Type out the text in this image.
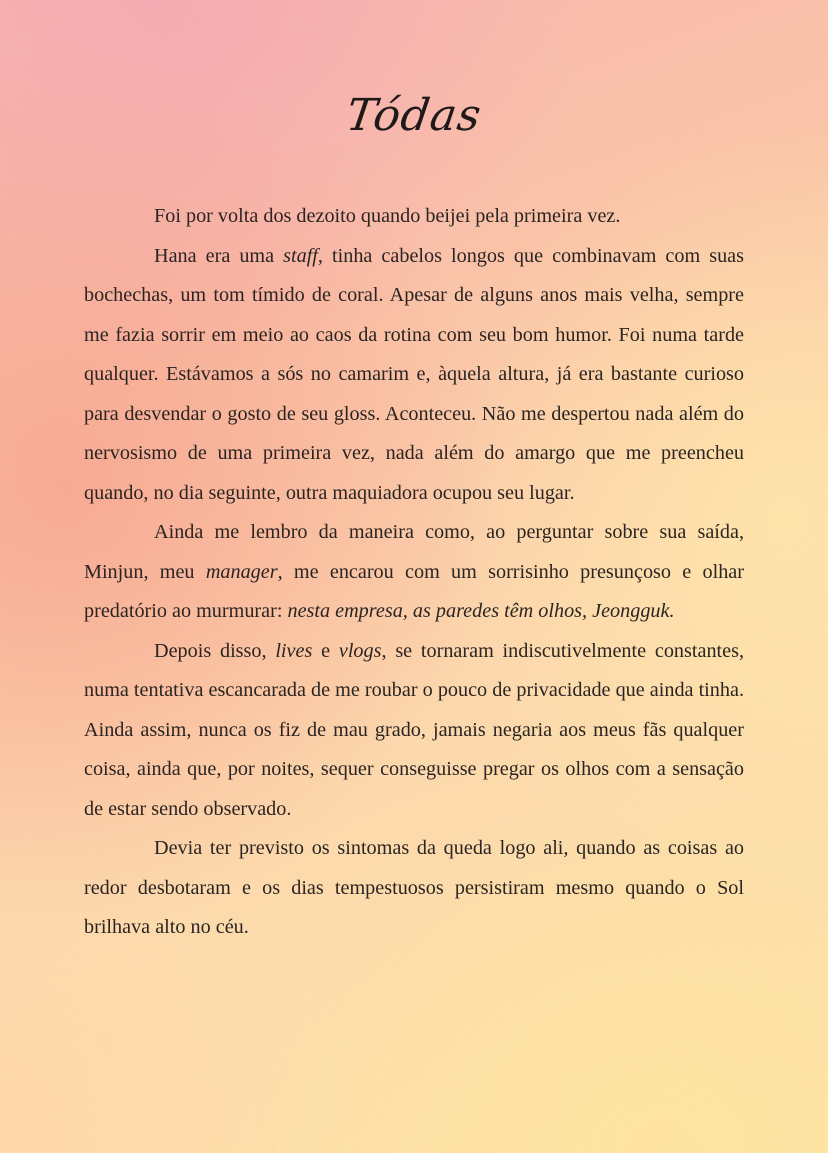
Tódas

Foi por volta dos dezoito quando beijei pela primeira vez.

Hana era uma staff, tinha cabelos longos que combinavam com suas bochechas, um tom tímido de coral. Apesar de alguns anos mais velha, sempre me fazia sorrir em meio ao caos da rotina com seu bom humor. Foi numa tarde qualquer. Estávamos a sós no camarim e, àquela altura, já era bastante curioso para desvendar o gosto de seu gloss. Aconteceu. Não me despertou nada além do nervosismo de uma primeira vez, nada além do amargo que me preencheu quando, no dia seguinte, outra maquiadora ocupou seu lugar.

Ainda me lembro da maneira como, ao perguntar sobre sua saída, Minjun, meu manager, me encarou com um sorrisinho presunçoso e olhar predatório ao murmurar: nesta empresa, as paredes têm olhos, Jeongguk.

Depois disso, lives e vlogs, se tornaram indiscutivelmente constantes, numa tentativa escancarada de me roubar o pouco de privacidade que ainda tinha. Ainda assim, nunca os fiz de mau grado, jamais negaria aos meus fãs qualquer coisa, ainda que, por noites, sequer conseguisse pregar os olhos com a sensação de estar sendo observado.

Devia ter previsto os sintomas da queda logo ali, quando as coisas ao redor desbotaram e os dias tempestuosos persistiram mesmo quando o Sol brilhava alto no céu.
